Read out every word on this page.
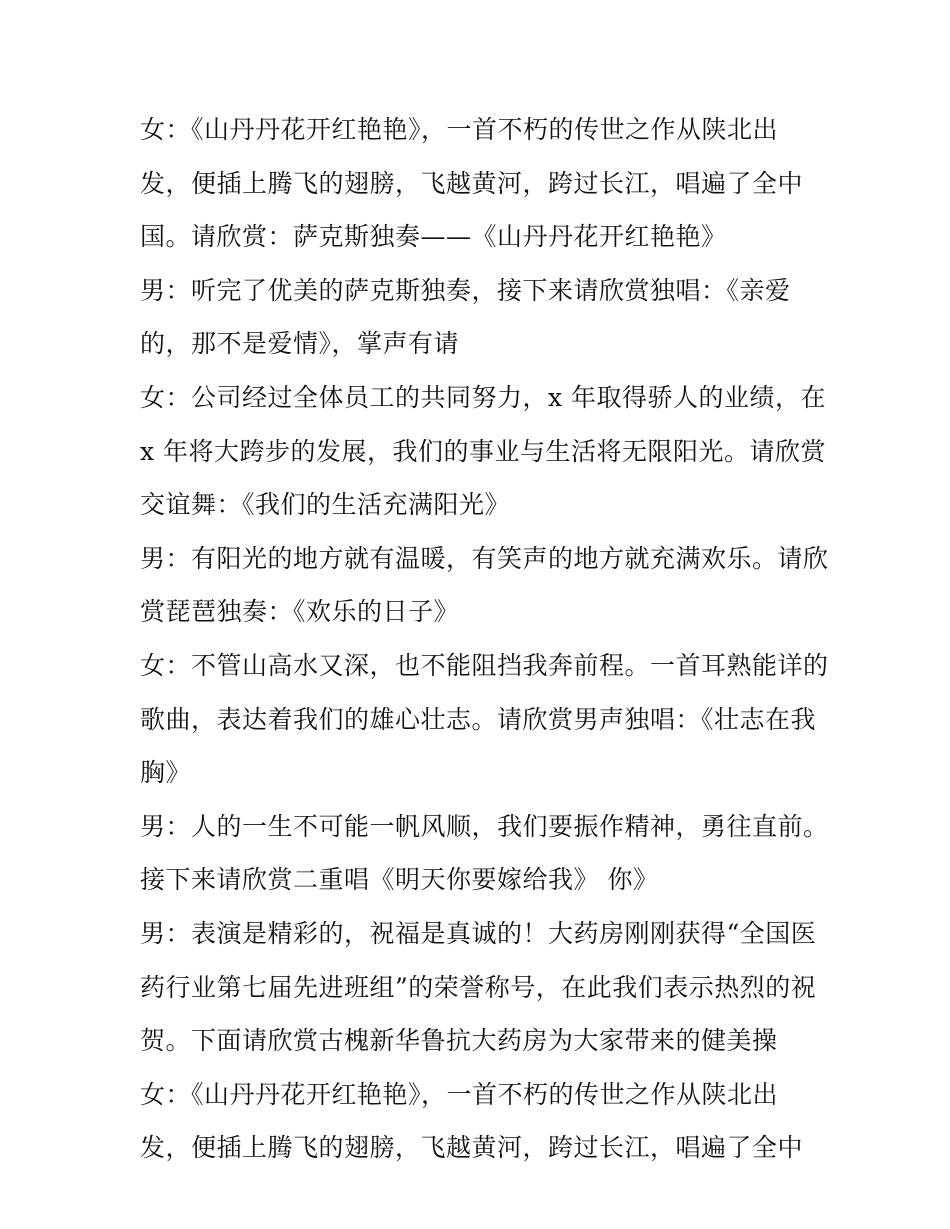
女：《山丹丹花开红艳艳》，一首不朽的传世之作从陕北出
发，便插上腾飞的翅膀，飞越黄河，跨过长江，唱遍了全中
国。请欣赏：萨克斯独奏——《山丹丹花开红艳艳》
男：听完了优美的萨克斯独奏，接下来请欣赏独唱：《亲爱
的，那不是爱情》，掌声有请
女：公司经过全体员工的共同努力，x 年取得骄人的业绩，在
x 年将大跨步的发展，我们的事业与生活将无限阳光。请欣赏
交谊舞：《我们的生活充满阳光》
男：有阳光的地方就有温暖，有笑声的地方就充满欢乐。请欣
赏琵琶独奏：《欢乐的日子》
女：不管山高水又深，也不能阻挡我奔前程。一首耳熟能详的
歌曲，表达着我们的雄心壮志。请欣赏男声独唱：《壮志在我
胸》
男：人的一生不可能一帆风顺，我们要振作精神，勇往直前。
接下来请欣赏二重唱《明天你要嫁给我》 你》
男：表演是精彩的，祝福是真诚的！大药房刚刚获得“全国医
药行业第七届先进班组”的荣誉称号，在此我们表示热烈的祝
贺。下面请欣赏古槐新华鲁抗大药房为大家带来的健美操
女：《山丹丹花开红艳艳》，一首不朽的传世之作从陕北出
发，便插上腾飞的翅膀，飞越黄河，跨过长江，唱遍了全中
